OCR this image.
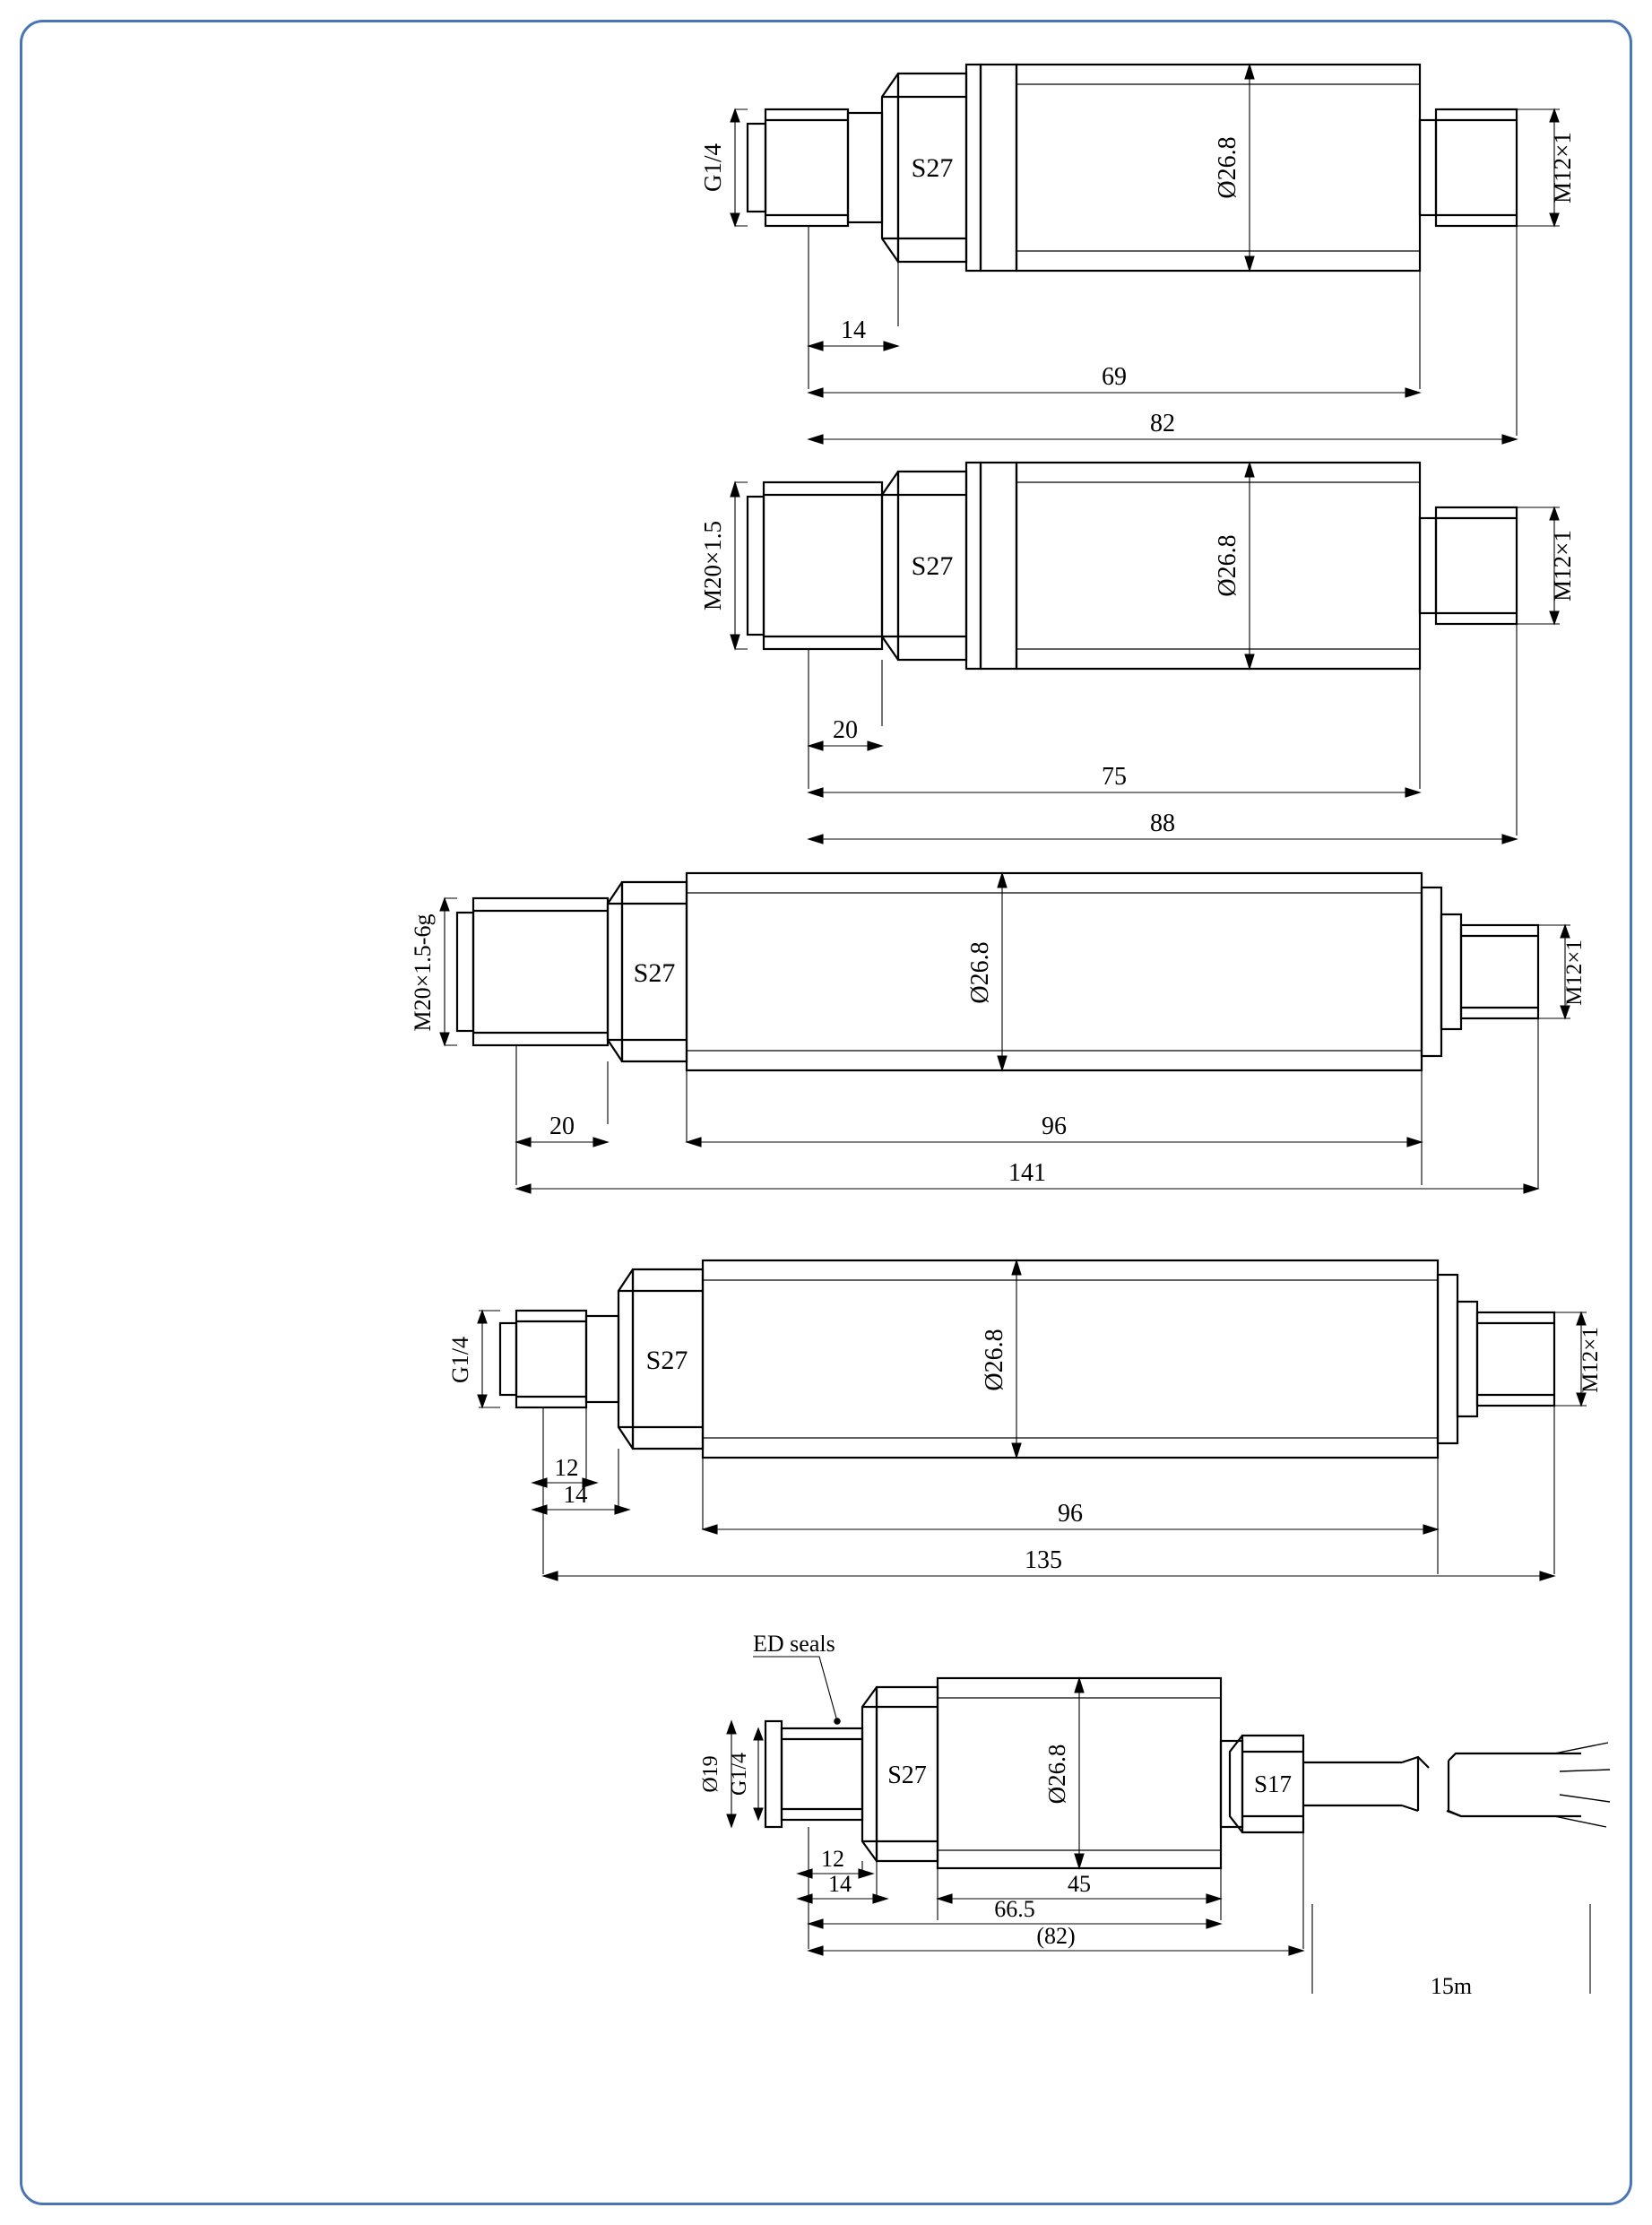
G1/4	S27	Ø26.8	M12×1
14
69
82
M20×1.5	S27	Ø26.8	M12×1
20
75
88
M20×1.5-6g	S27	Ø26.8	M12×1
20	96
141
G1/4	S27	Ø26.8	M12×1
12
14
96
135
ED seals
Ø19 G1/4	S27	Ø26.8	S17
12
14	45
66.5
(82)
15m
